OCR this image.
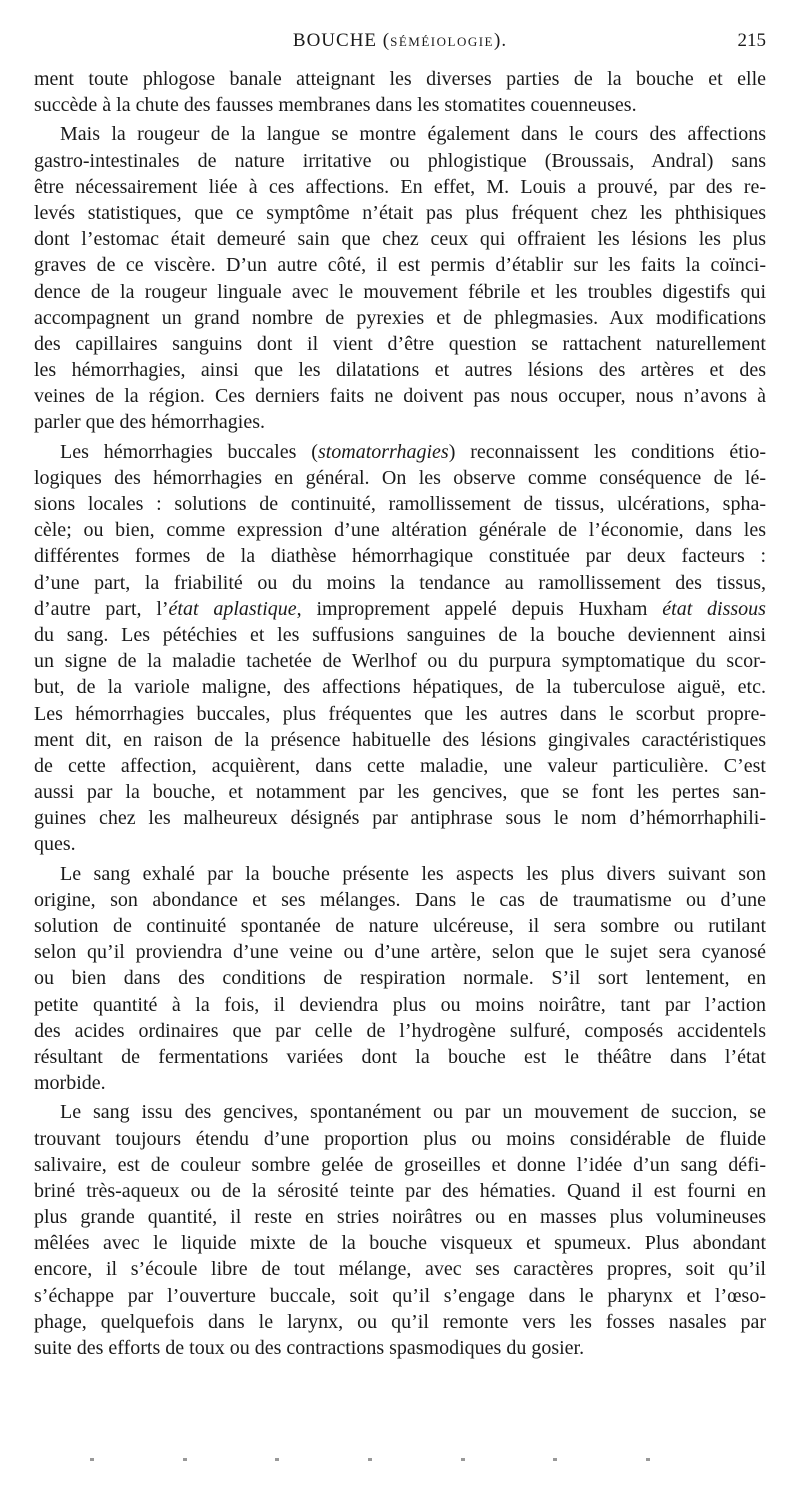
BOUCHE (SÉMÉIOLOGIE).	215
ment toute phlogose banale atteignant les diverses parties de la bouche et elle
succède à la chute des fausses membranes dans les stomatites couenneuses.
Mais la rougeur de la langue se montre également dans le cours des affections
gastro-intestinales de nature irritative ou phlogistique (Broussais, Andral) sans
être nécessairement liée à ces affections. En effet, M. Louis a prouvé, par des re-
levés statistiques, que ce symptôme n’était pas plus fréquent chez les phthisiques
dont l’estomac était demeuré sain que chez ceux qui offraient les lésions les plus
graves de ce viscère. D’un autre côté, il est permis d’établir sur les faits la coïnci-
dence de la rougeur linguale avec le mouvement fébrile et les troubles digestifs qui
accompagnent un grand nombre de pyrexies et de phlegmasies. Aux modifications
des capillaires sanguins dont il vient d’être question se rattachent naturellement
les hémorrhagies, ainsi que les dilatations et autres lésions des artères et des
veines de la région. Ces derniers faits ne doivent pas nous occuper, nous n’avons à
parler que des hémorrhagies.
Les hémorrhagies buccales (stomatorrhagies) reconnaissent les conditions étio-
logiques des hémorrhagies en général. On les observe comme conséquence de lé-
sions locales : solutions de continuité, ramollissement de tissus, ulcérations, spha-
cèle; ou bien, comme expression d’une altération générale de l’économie, dans les
différentes formes de la diathèse hémorrhagique constituée par deux facteurs :
d’une part, la friabilité ou du moins la tendance au ramollissement des tissus,
d’autre part, l’état aplastique, improprement appelé depuis Huxham état dissous
du sang. Les pétéchies et les suffusions sanguines de la bouche deviennent ainsi
un signe de la maladie tachetée de Werlhof ou du purpura symptomatique du scor-
but, de la variole maligne, des affections hépatiques, de la tuberculose aiguë, etc.
Les hémorrhagies buccales, plus fréquentes que les autres dans le scorbut propre-
ment dit, en raison de la présence habituelle des lésions gingivales caractéristiques
de cette affection, acquièrent, dans cette maladie, une valeur particulière. C’est
aussi par la bouche, et notamment par les gencives, que se font les pertes san-
guines chez les malheureux désignés par antiphrase sous le nom d’hémorrhaphili-
ques.
Le sang exhalé par la bouche présente les aspects les plus divers suivant son
origine, son abondance et ses mélanges. Dans le cas de traumatisme ou d’une
solution de continuité spontanée de nature ulcéreuse, il sera sombre ou rutilant
selon qu’il proviendra d’une veine ou d’une artère, selon que le sujet sera cyanosé
ou bien dans des conditions de respiration normale. S’il sort lentement, en
petite quantité à la fois, il deviendra plus ou moins noirâtre, tant par l’action
des acides ordinaires que par celle de l’hydrogène sulfuré, composés accidentels
résultant de fermentations variées dont la bouche est le théâtre dans l’état
morbide.
Le sang issu des gencives, spontanément ou par un mouvement de succion, se
trouvant toujours étendu d’une proportion plus ou moins considérable de fluide
salivaire, est de couleur sombre gelée de groseilles et donne l’idée d’un sang défi-
briné très-aqueux ou de la sérosité teinte par des hématies. Quand il est fourni en
plus grande quantité, il reste en stries noirâtres ou en masses plus volumineuses
mêlées avec le liquide mixte de la bouche visqueux et spumeux. Plus abondant
encore, il s’écoule libre de tout mélange, avec ses caractères propres, soit qu’il
s’échappe par l’ouverture buccale, soit qu’il s’engage dans le pharynx et l’œso-
phage, quelquefois dans le larynx, ou qu’il remonte vers les fosses nasales par
suite des efforts de toux ou des contractions spasmodiques du gosier.
